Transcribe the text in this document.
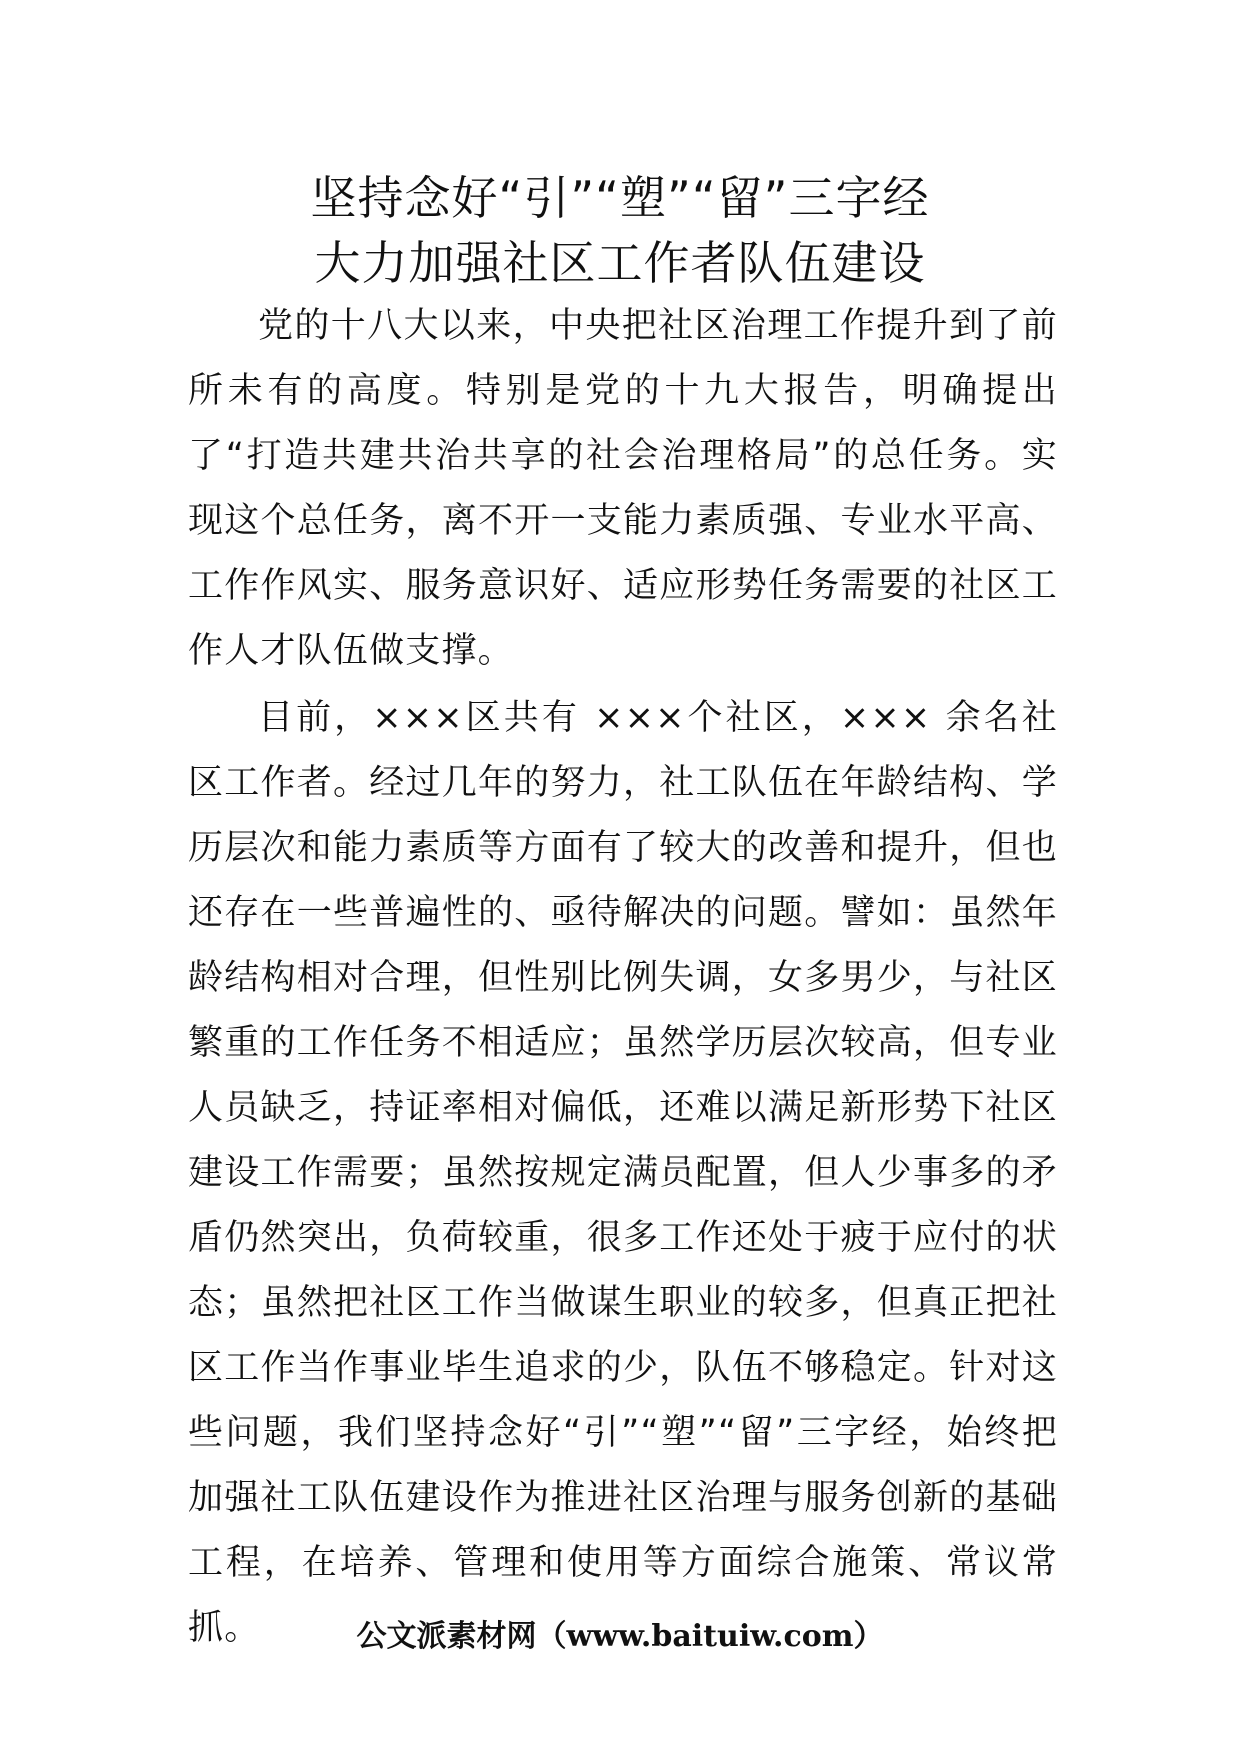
坚持念好“引”“塑”“留”三字经
大力加强社区工作者队伍建设

党的十八大以来，中央把社区治理工作提升到了前所未有的高度。特别是党的十九大报告，明确提出了“打造共建共治共享的社会治理格局”的总任务。实现这个总任务，离不开一支能力素质强、专业水平高、工作作风实、服务意识好、适应形势任务需要的社区工作人才队伍做支撑。

目前，×××区共有 ×××个社区，××× 余名社区工作者。经过几年的努力，社工队伍在年龄结构、学历层次和能力素质等方面有了较大的改善和提升，但也还存在一些普遍性的、亟待解决的问题。譬如：虽然年龄结构相对合理，但性别比例失调，女多男少，与社区繁重的工作任务不相适应；虽然学历层次较高，但专业人员缺乏，持证率相对偏低，还难以满足新形势下社区建设工作需要；虽然按规定满员配置，但人少事多的矛盾仍然突出，负荷较重，很多工作还处于疲于应付的状态；虽然把社区工作当做谋生职业的较多，但真正把社区工作当作事业毕生追求的少，队伍不够稳定。针对这些问题，我们坚持念好“引”“塑”“留”三字经，始终把加强社工队伍建设作为推进社区治理与服务创新的基础工程，在培养、管理和使用等方面综合施策、常议常抓。	公文派素材网（www.baituiw.com）
